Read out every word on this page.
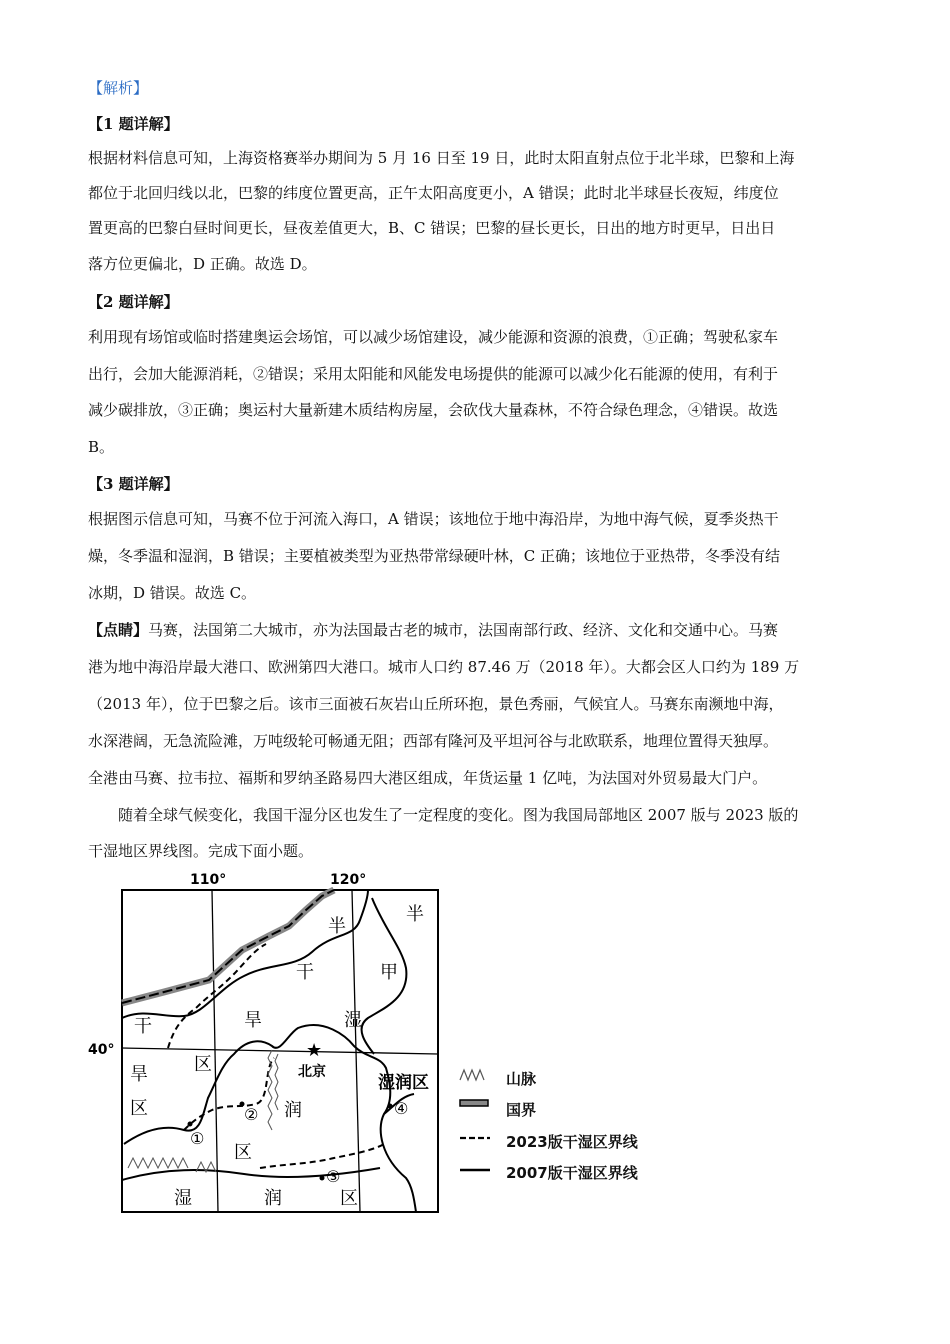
【解析】
【1 题详解】
根据材料信息可知，上海资格赛举办期间为 5 月 16 日至 19 日，此时太阳直射点位于北半球，巴黎和上海
都位于北回归线以北，巴黎的纬度位置更高，正午太阳高度更小，A 错误；此时北半球昼长夜短，纬度位
置更高的巴黎白昼时间更长，昼夜差值更大，B、C 错误；巴黎的昼长更长，日出的地方时更早，日出日
落方位更偏北，D 正确。故选 D。
【2 题详解】
利用现有场馆或临时搭建奥运会场馆，可以减少场馆建设，减少能源和资源的浪费，①正确；驾驶私家车
出行，会加大能源消耗，②错误；采用太阳能和风能发电场提供的能源可以减少化石能源的使用，有利于
减少碳排放，③正确；奥运村大量新建木质结构房屋，会砍伐大量森林，不符合绿色理念，④错误。故选
B。
【3 题详解】
根据图示信息可知，马赛不位于河流入海口，A 错误；该地位于地中海沿岸，为地中海气候，夏季炎热干
燥，冬季温和湿润，B 错误；主要植被类型为亚热带常绿硬叶林，C 正确；该地位于亚热带，冬季没有结
冰期，D 错误。故选 C。
【点睛】马赛，法国第二大城市，亦为法国最古老的城市，法国南部行政、经济、文化和交通中心。马赛
港为地中海沿岸最大港口、欧洲第四大港口。城市人口约 87.46 万（2018 年）。大都会区人口约为 189 万
（2013 年），位于巴黎之后。该市三面被石灰岩山丘所环抱，景色秀丽，气候宜人。马赛东南濒地中海，
水深港阔，无急流险滩，万吨级轮可畅通无阻；西部有隆河及平坦河谷与北欧联系，地理位置得天独厚。
全港由马赛、拉韦拉、福斯和罗纳圣路易四大港区组成，年货运量 1 亿吨，为法国对外贸易最大门户。
随着全球气候变化，我国干湿分区也发生了一定程度的变化。图为我国局部地区 2007 版与 2023 版的
干湿地区界线图。完成下面小题。
110°	120°
40°
半
干
半
甲
干	旱	湿
区
旱
区	润
区
湿润区
湿	润	区
★
北京
①
②
③
④
山脉
国界
2023版干湿区界线
2007版干湿区界线
